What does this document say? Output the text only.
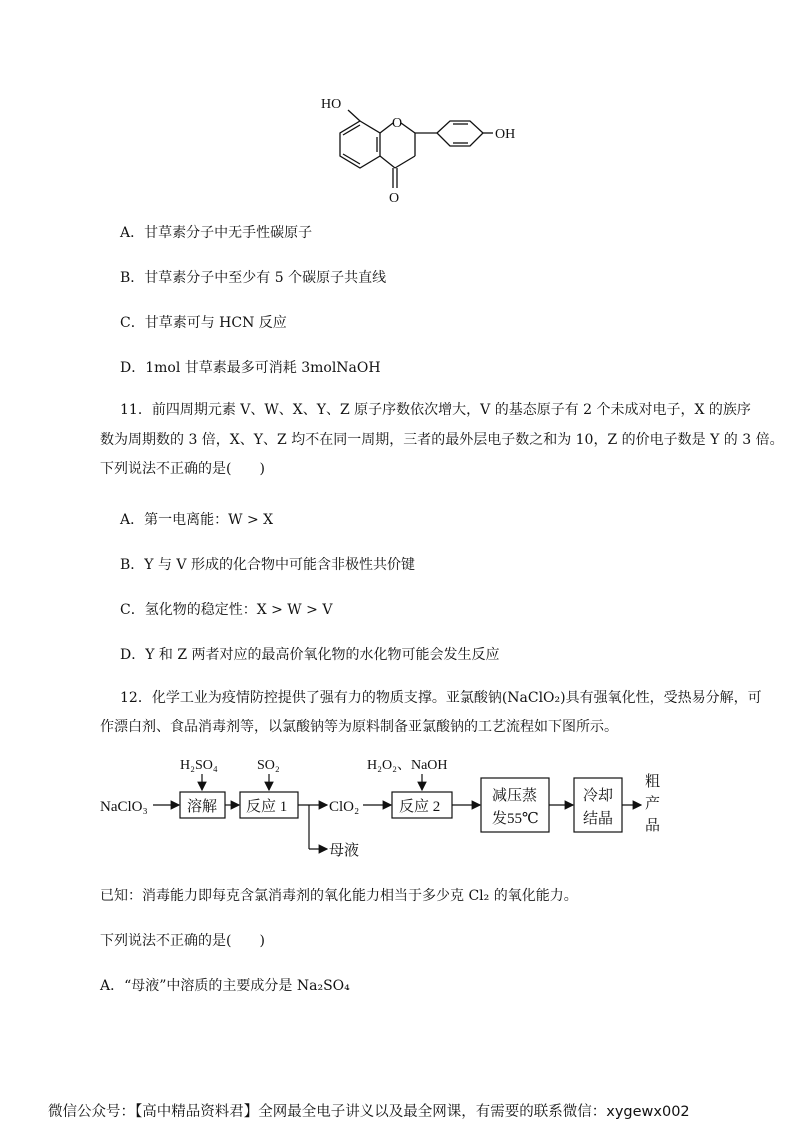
HO
O
OH
O
A．甘草素分子中无手性碳原子
B．甘草素分子中至少有 5 个碳原子共直线
C．甘草素可与 HCN 反应
D．1mol 甘草素最多可消耗 3molNaOH
11．前四周期元素 V、W、X、Y、Z 原子序数依次增大，V 的基态原子有 2 个未成对电子，X 的族序
数为周期数的 3 倍，X、Y、Z 均不在同一周期，三者的最外层电子数之和为 10，Z 的价电子数是 Y 的 3 倍。
下列说法不正确的是(　　)
A．第一电离能：W > X
B．Y 与 V 形成的化合物中可能含非极性共价键
C．氢化物的稳定性：X > W > V
D．Y 和 Z 两者对应的最高价氧化物的水化物可能会发生反应
12．化学工业为疫情防控提供了强有力的物质支撑。亚氯酸钠(NaClO₂)具有强氧化性，受热易分解，可
作漂白剂、食品消毒剂等，以氯酸钠等为原料制备亚氯酸钠的工艺流程如下图所示。
NaClO₃
H₂SO₄
溶解
SO₂
反应 1	ClO₂
母液
H₂O₂、NaOH
反应 2
减压蒸
发55℃
冷却
结晶
粗
产
品
已知：消毒能力即每克含氯消毒剂的氧化能力相当于多少克 Cl₂ 的氧化能力。
下列说法不正确的是(　　)
A．“母液”中溶质的主要成分是 Na₂SO₄
微信公众号：【高中精品资料君】全网最全电子讲义以及最全网课，有需要的联系微信：xygewx002
